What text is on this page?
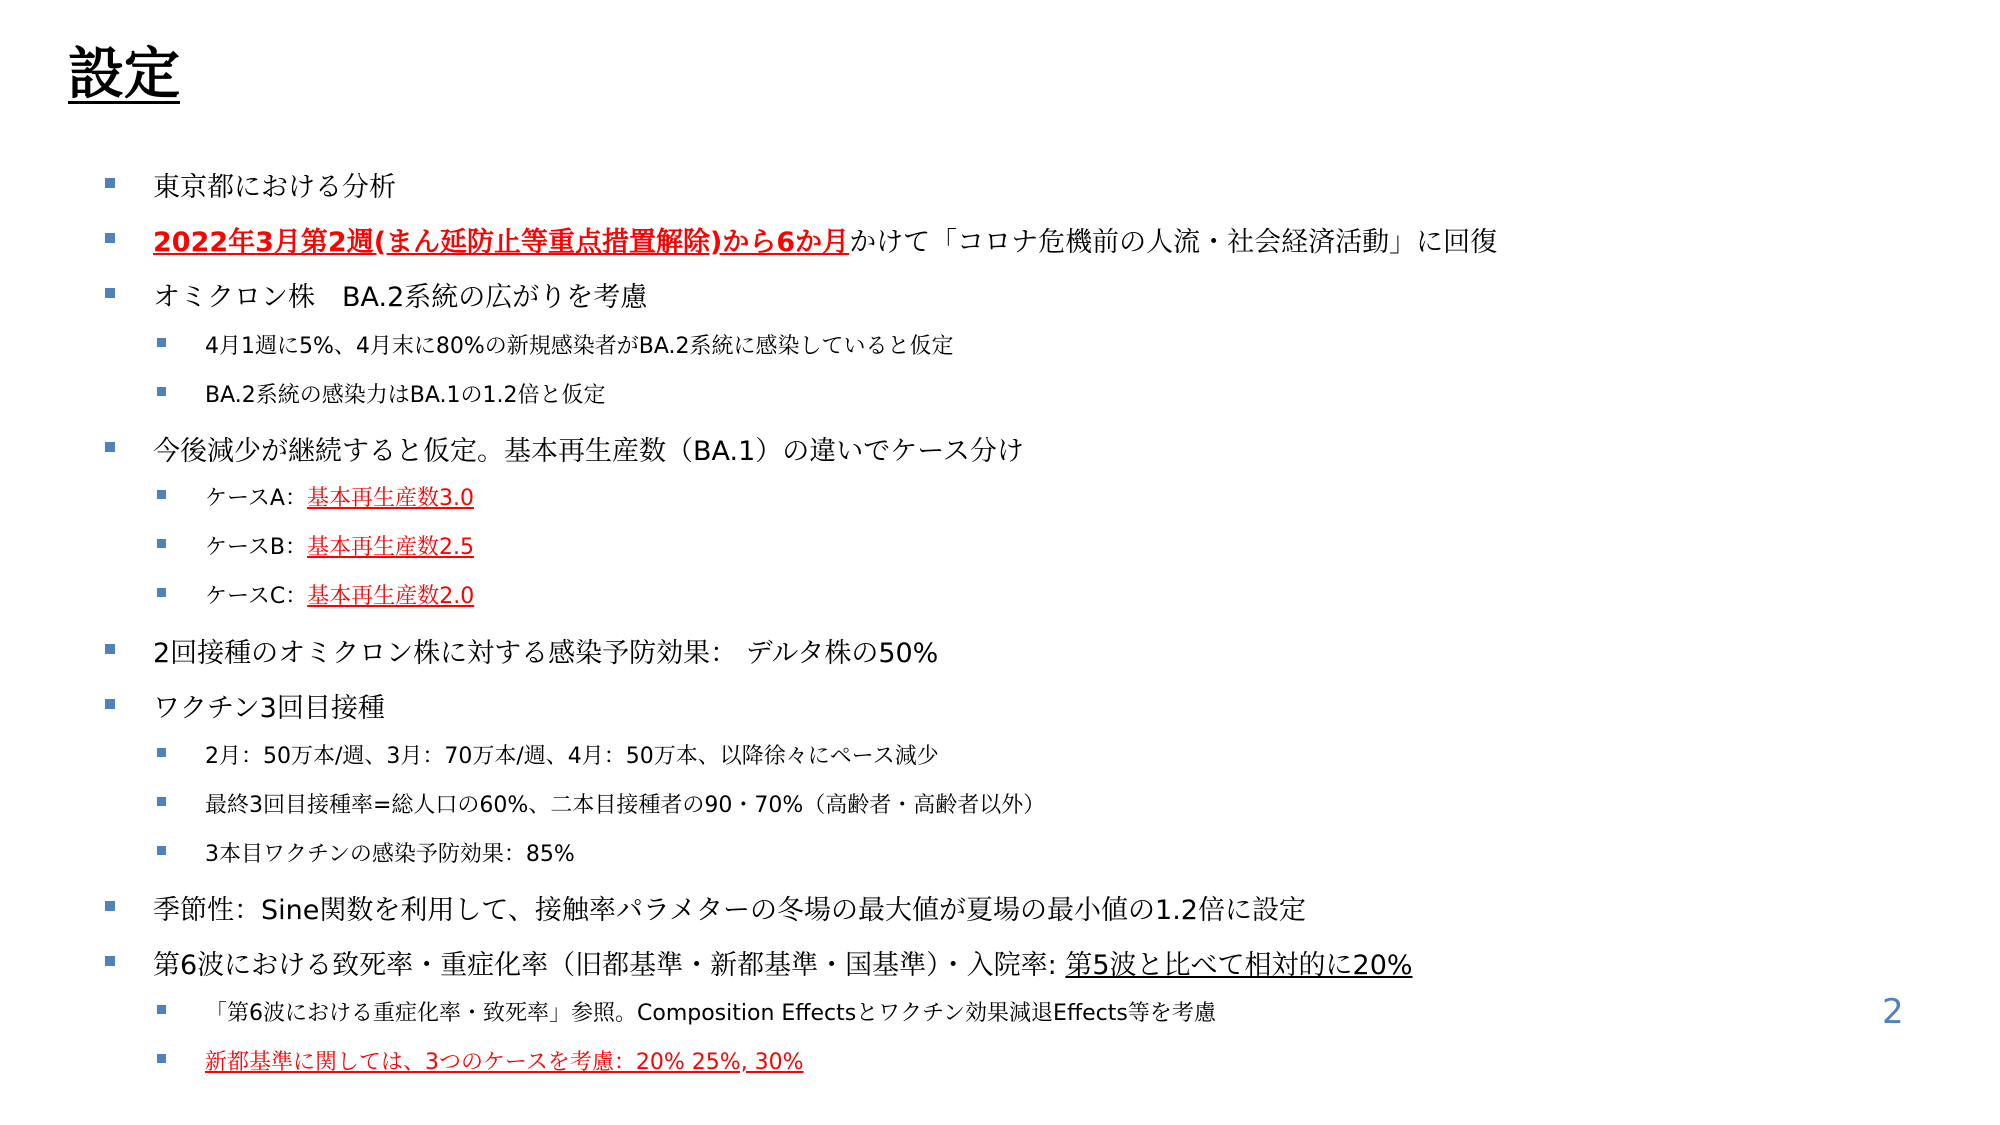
設定
東京都における分析
2022年3月第2週(まん延防止等重点措置解除)から6か月かけて「コロナ危機前の人流・社会経済活動」に回復
オミクロン株　BA.2系統の広がりを考慮
4月1週に5%、4月末に80%の新規感染者がBA.2系統に感染していると仮定
BA.2系統の感染力はBA.1の1.2倍と仮定
今後減少が継続すると仮定。基本再生産数（BA.1）の違いでケース分け
ケースA：基本再生産数3.0
ケースB：基本再生産数2.5
ケースC：基本再生産数2.0
2回接種のオミクロン株に対する感染予防効果： デルタ株の50%
ワクチン3回目接種
2月：50万本/週、3月：70万本/週、4月：50万本、以降徐々にペース減少
最終3回目接種率=総人口の60%、二本目接種者の90・70%（高齢者・高齢者以外）
3本目ワクチンの感染予防効果：85%
季節性：Sine関数を利用して、接触率パラメターの冬場の最大値が夏場の最小値の1.2倍に設定
第6波における致死率・重症化率（旧都基準・新都基準・国基準）・入院率: 第5波と比べて相対的に20%
「第6波における重症化率・致死率」参照。Composition Effectsとワクチン効果減退Effects等を考慮
新都基準に関しては、3つのケースを考慮：20% 25%, 30%
2
